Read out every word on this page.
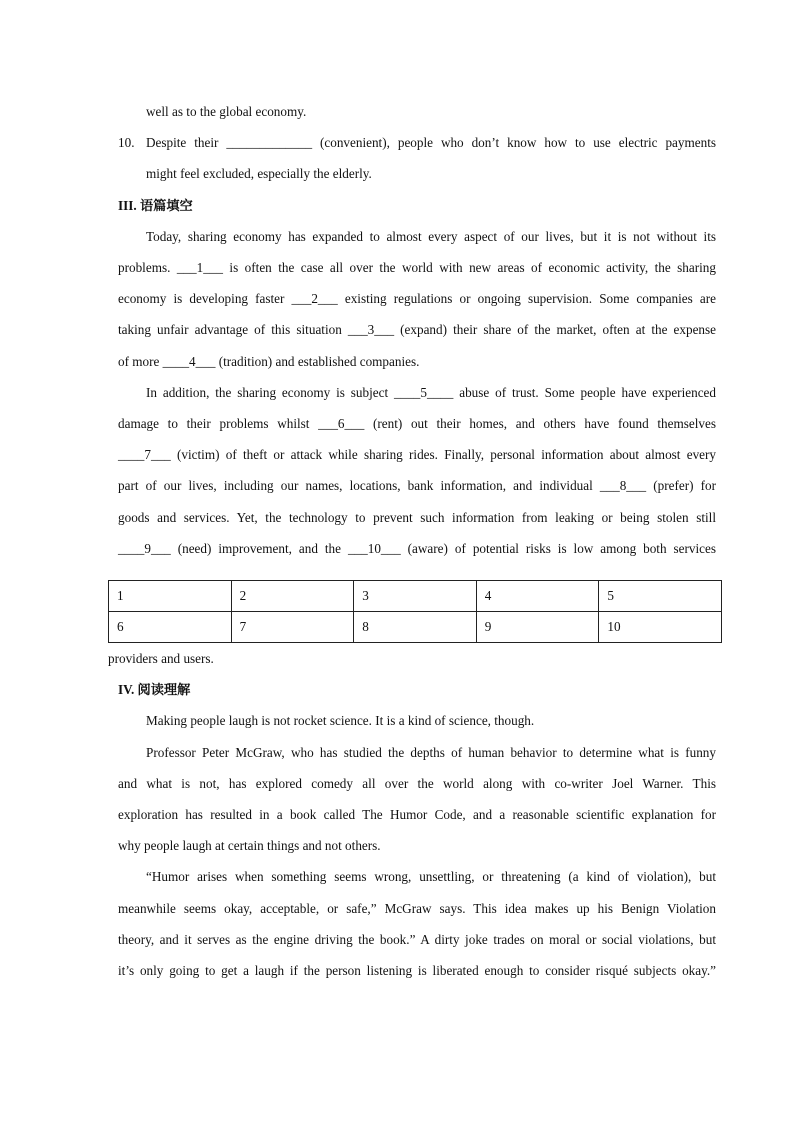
well as to the global economy.

10. Despite their _____________ (convenient), people who don’t know how to use electric payments

might feel excluded, especially the elderly.

III. 语篇填空

Today, sharing economy has expanded to almost every aspect of our lives, but it is not without its

problems. ___1___ is often the case all over the world with new areas of economic activity, the sharing

economy is developing faster ___2___ existing regulations or ongoing supervision. Some companies are

taking unfair advantage of this situation ___3___ (expand) their share of the market, often at the expense

of more ____4___ (tradition) and established companies.

In addition, the sharing economy is subject ____5____ abuse of trust. Some people have experienced

damage to their problems whilst ___6___ (rent) out their homes, and others have found themselves

____7___ (victim) of theft or attack while sharing rides. Finally, personal information about almost every

part of our lives, including our names, locations, bank information, and individual ___8___ (prefer) for

goods and services. Yet, the technology to prevent such information from leaking or being stolen still

____9___ (need) improvement, and the ___10___ (aware) of potential risks is low among both services

1	2	3	4	5
6	7	8	9	10

providers and users.

IV. 阅读理解

Making people laugh is not rocket science. It is a kind of science, though.

Professor Peter McGraw, who has studied the depths of human behavior to determine what is funny

and what is not, has explored comedy all over the world along with co-writer Joel Warner. This

exploration has resulted in a book called The Humor Code, and a reasonable scientific explanation for

why people laugh at certain things and not others.

“Humor arises when something seems wrong, unsettling, or threatening (a kind of violation), but

meanwhile seems okay, acceptable, or safe,” McGraw says. This idea makes up his Benign Violation

theory, and it serves as the engine driving the book.” A dirty joke trades on moral or social violations, but

it’s only going to get a laugh if the person listening is liberated enough to consider risqué subjects okay.”
